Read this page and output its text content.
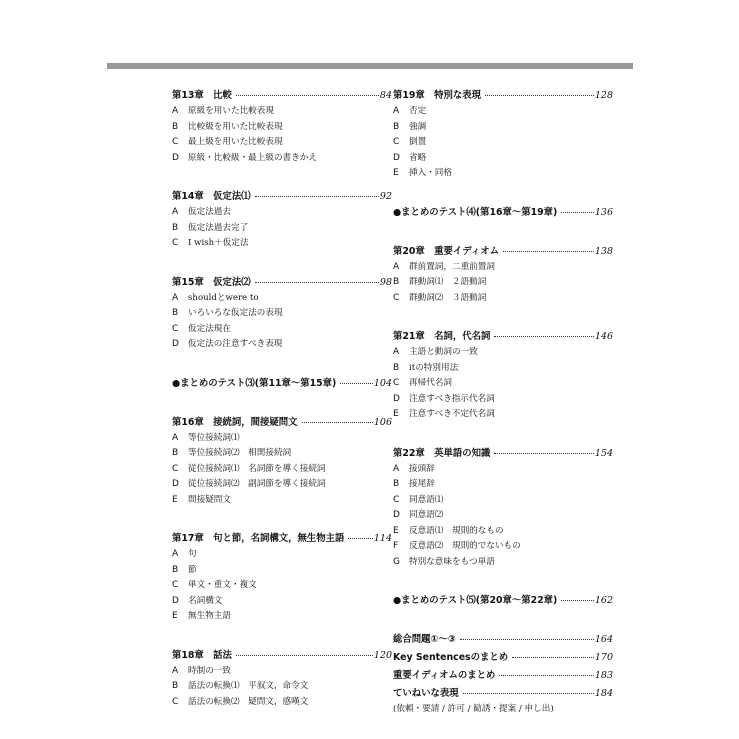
第13章　比較	84
A	原級を用いた比較表現
B	比較級を用いた比較表現
C	最上級を用いた比較表現
D	原級・比較級・最上級の書きかえ
第14章　仮定法⑴	92
A	仮定法過去
B	仮定法過去完了
C	I wish＋仮定法
第15章　仮定法⑵	98
A	shouldとwere to
B	いろいろな仮定法の表現
C	仮定法現在
D	仮定法の注意すべき表現
●まとめのテスト⑶(第11章〜第15章)	104
第16章　接続詞，間接疑問文	106
A	等位接続詞⑴
B	等位接続詞⑵　相関接続詞
C	従位接続詞⑴　名詞節を導く接続詞
D	従位接続詞⑵　副詞節を導く接続詞
E	間接疑問文
第17章　句と節，名詞構文，無生物主語	114
A	句
B	節
C	単文・重文・複文
D	名詞構文
E	無生物主語
第18章　話法	120
A	時制の一致
B	話法の転換⑴　平叙文，命令文
C	話法の転換⑵　疑問文，感嘆文
第19章　特別な表現	128
A	否定
B	強調
C	倒置
D	省略
E	挿入・同格
●まとめのテスト⑷(第16章〜第19章)	136
第20章　重要イディオム	138
A	群前置詞，二重前置詞
B	群動詞⑴　２語動詞
C	群動詞⑵　３語動詞
第21章　名詞，代名詞	146
A	主語と動詞の一致
B	itの特別用法
C	再帰代名詞
D	注意すべき指示代名詞
E	注意すべき不定代名詞
第22章　英単語の知識	154
A	接頭辞
B	接尾辞
C	同意語⑴
D	同意語⑵
E	反意語⑴　規則的なもの
F	反意語⑵　規則的でないもの
G	特別な意味をもつ単語
●まとめのテスト⑸(第20章〜第22章)	162
総合問題①〜③	164
Key Sentencesのまとめ	170
重要イディオムのまとめ	183
ていねいな表現	184
(依頼・要請 / 許可 / 勧誘・提案 / 申し出)
